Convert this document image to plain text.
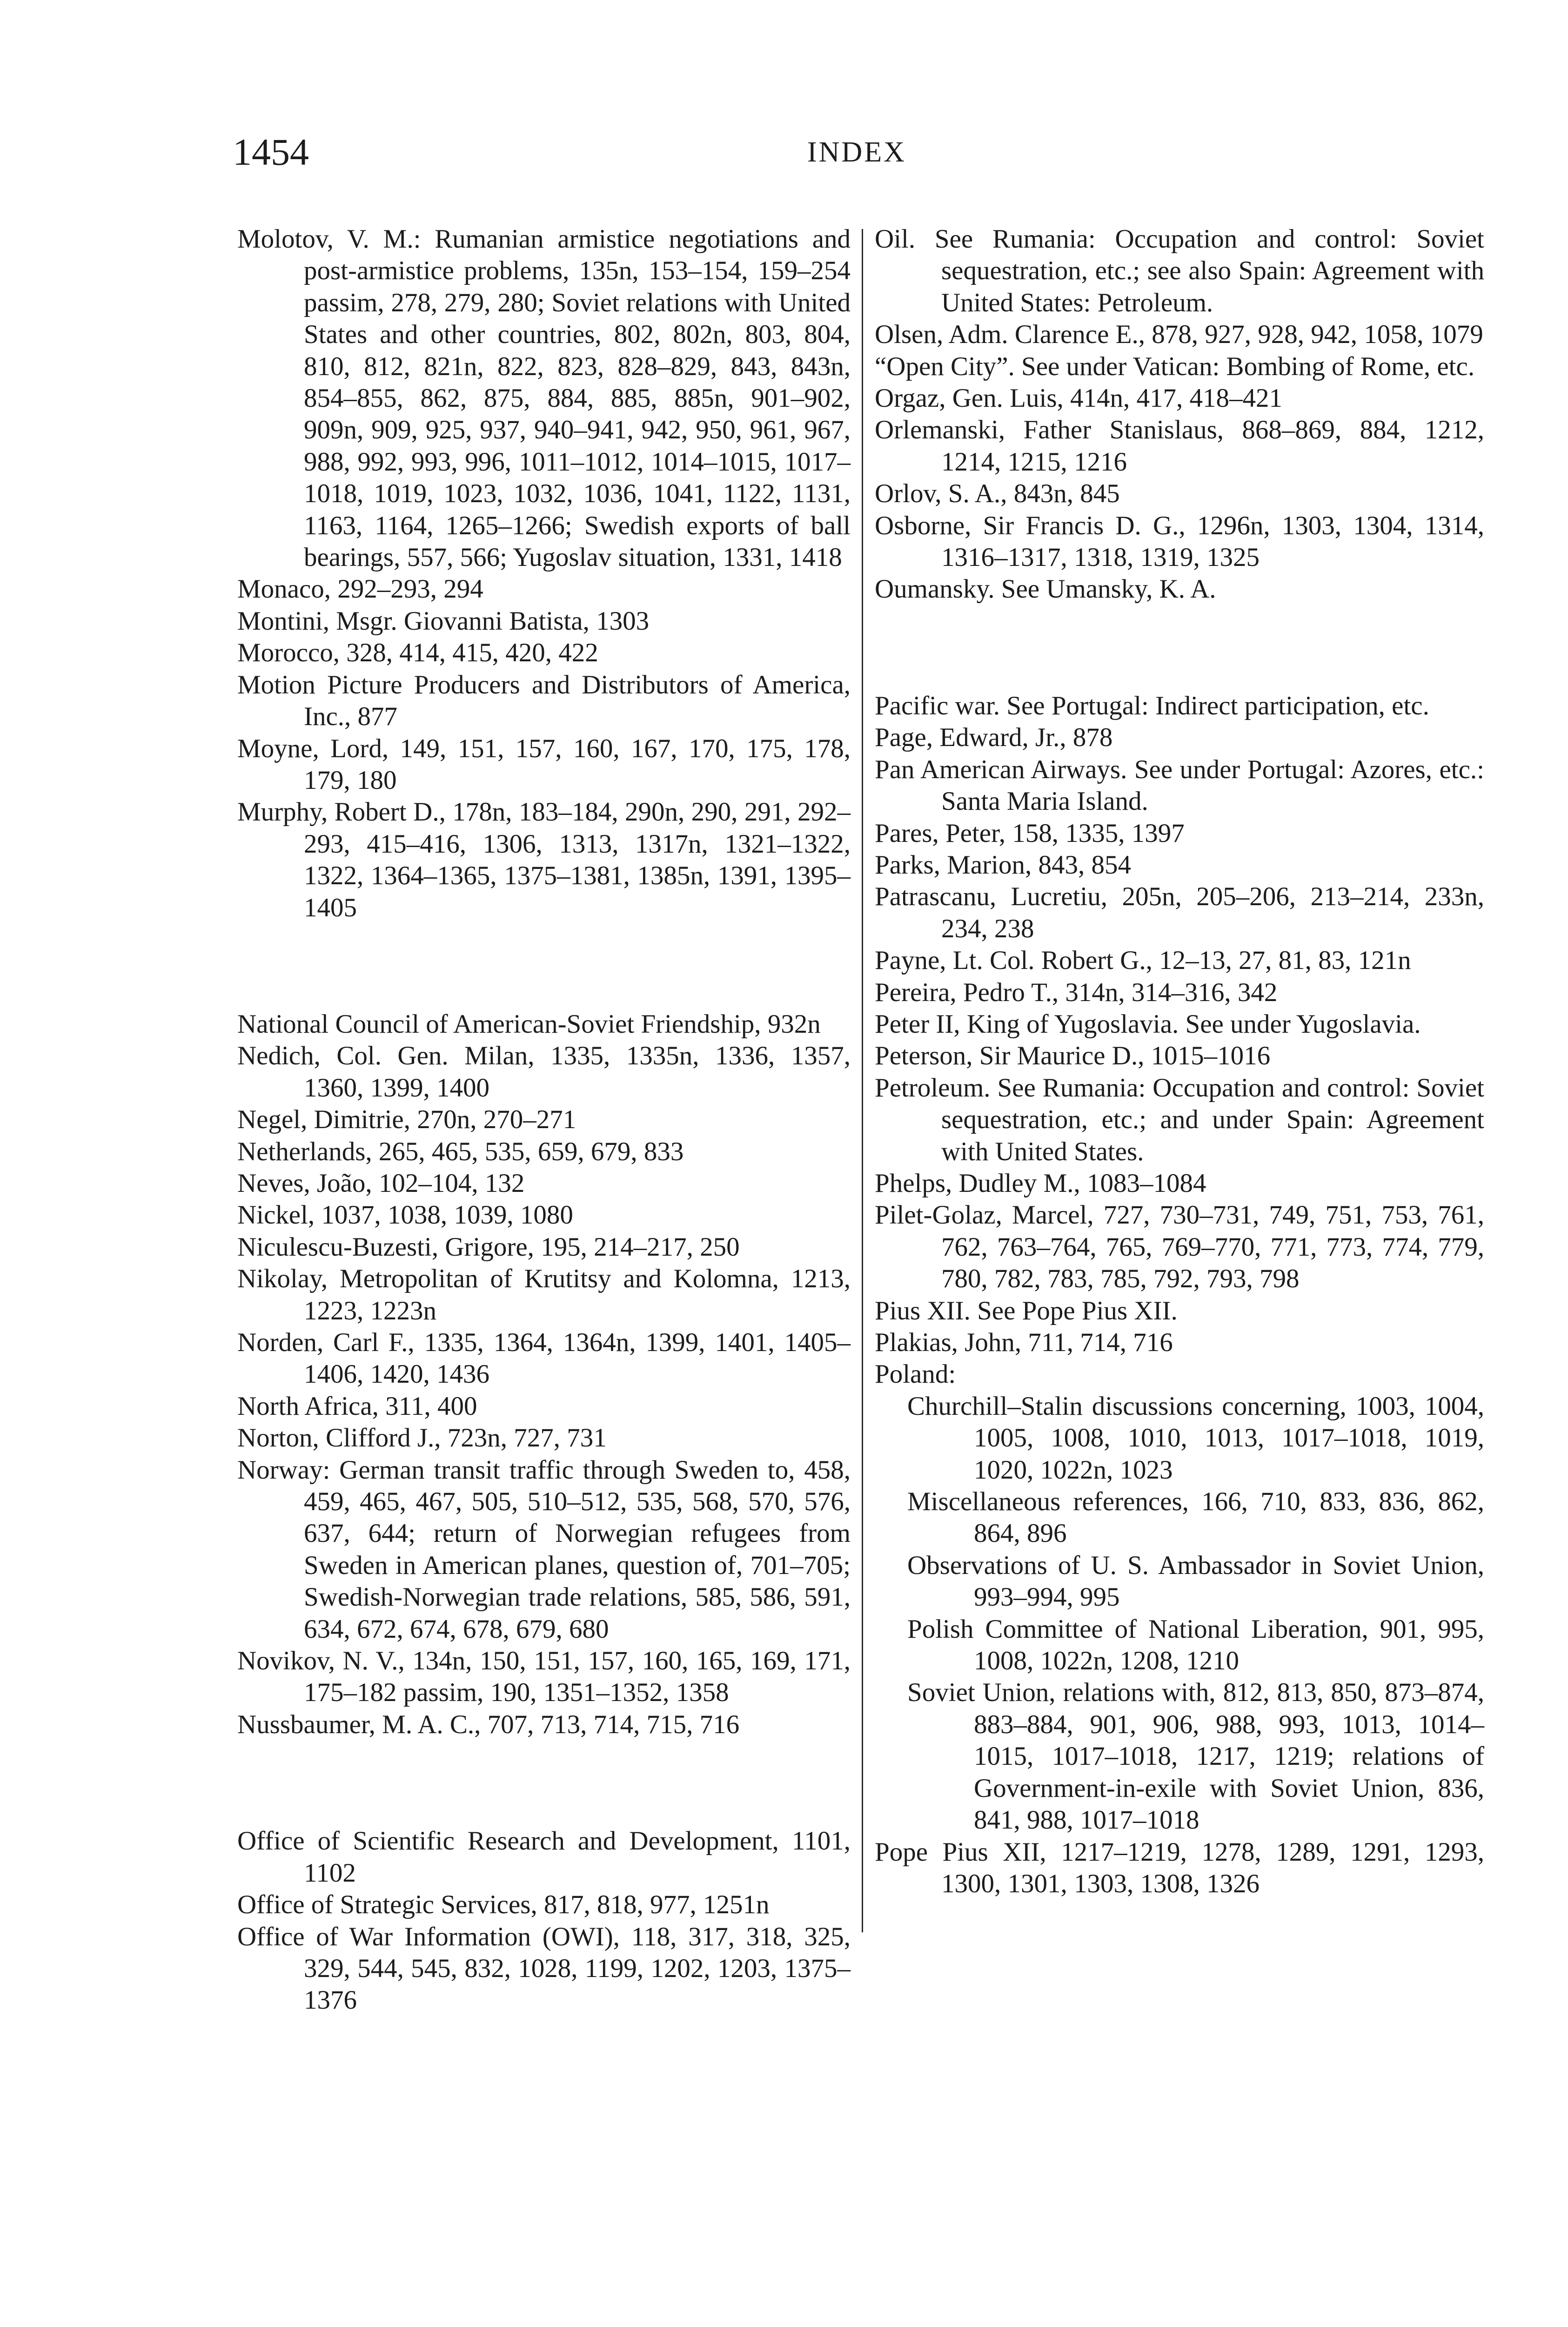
1454	INDEX

Molotov, V. M.: Rumanian armistice negotiations and post-armistice problems, 135n, 153–154, 159–254 passim, 278, 279, 280; Soviet relations with United States and other countries, 802, 802n, 803, 804, 810, 812, 821n, 822, 823, 828–829, 843, 843n, 854–855, 862, 875, 884, 885, 885n, 901–902, 909n, 909, 925, 937, 940–941, 942, 950, 961, 967, 988, 992, 993, 996, 1011–1012, 1014–1015, 1017–1018, 1019, 1023, 1032, 1036, 1041, 1122, 1131, 1163, 1164, 1265–1266; Swedish exports of ball bearings, 557, 566; Yugoslav situation, 1331, 1418

Monaco, 292–293, 294

Montini, Msgr. Giovanni Batista, 1303

Morocco, 328, 414, 415, 420, 422

Motion Picture Producers and Distributors of America, Inc., 877

Moyne, Lord, 149, 151, 157, 160, 167, 170, 175, 178, 179, 180

Murphy, Robert D., 178n, 183–184, 290n, 290, 291, 292–293, 415–416, 1306, 1313, 1317n, 1321–1322, 1322, 1364–1365, 1375–1381, 1385n, 1391, 1395–1405

National Council of American-Soviet Friendship, 932n

Nedich, Col. Gen. Milan, 1335, 1335n, 1336, 1357, 1360, 1399, 1400

Negel, Dimitrie, 270n, 270–271

Netherlands, 265, 465, 535, 659, 679, 833

Neves, João, 102–104, 132

Nickel, 1037, 1038, 1039, 1080

Niculescu-Buzesti, Grigore, 195, 214–217, 250

Nikolay, Metropolitan of Krutitsy and Kolomna, 1213, 1223, 1223n

Norden, Carl F., 1335, 1364, 1364n, 1399, 1401, 1405–1406, 1420, 1436

North Africa, 311, 400

Norton, Clifford J., 723n, 727, 731

Norway: German transit traffic through Sweden to, 458, 459, 465, 467, 505, 510–512, 535, 568, 570, 576, 637, 644; return of Norwegian refugees from Sweden in American planes, question of, 701–705; Swedish-Norwegian trade relations, 585, 586, 591, 634, 672, 674, 678, 679, 680

Novikov, N. V., 134n, 150, 151, 157, 160, 165, 169, 171, 175–182 passim, 190, 1351–1352, 1358

Nussbaumer, M. A. C., 707, 713, 714, 715, 716

Office of Scientific Research and Development, 1101, 1102

Office of Strategic Services, 817, 818, 977, 1251n

Office of War Information (OWI), 118, 317, 318, 325, 329, 544, 545, 832, 1028, 1199, 1202, 1203, 1375–1376

Oil. See Rumania: Occupation and control: Soviet sequestration, etc.; see also Spain: Agreement with United States: Petroleum.

Olsen, Adm. Clarence E., 878, 927, 928, 942, 1058, 1079

“Open City”. See under Vatican: Bombing of Rome, etc.

Orgaz, Gen. Luis, 414n, 417, 418–421

Orlemanski, Father Stanislaus, 868–869, 884, 1212, 1214, 1215, 1216

Orlov, S. A., 843n, 845

Osborne, Sir Francis D. G., 1296n, 1303, 1304, 1314, 1316–1317, 1318, 1319, 1325

Oumansky. See Umansky, K. A.

Pacific war. See Portugal: Indirect participation, etc.

Page, Edward, Jr., 878

Pan American Airways. See under Portugal: Azores, etc.: Santa Maria Island.

Pares, Peter, 158, 1335, 1397

Parks, Marion, 843, 854

Patrascanu, Lucretiu, 205n, 205–206, 213–214, 233n, 234, 238

Payne, Lt. Col. Robert G., 12–13, 27, 81, 83, 121n

Pereira, Pedro T., 314n, 314–316, 342

Peter II, King of Yugoslavia. See under Yugoslavia.

Peterson, Sir Maurice D., 1015–1016

Petroleum. See Rumania: Occupation and control: Soviet sequestration, etc.; and under Spain: Agreement with United States.

Phelps, Dudley M., 1083–1084

Pilet-Golaz, Marcel, 727, 730–731, 749, 751, 753, 761, 762, 763–764, 765, 769–770, 771, 773, 774, 779, 780, 782, 783, 785, 792, 793, 798

Pius XII. See Pope Pius XII.

Plakias, John, 711, 714, 716

Poland:

Churchill–Stalin discussions concerning, 1003, 1004, 1005, 1008, 1010, 1013, 1017–1018, 1019, 1020, 1022n, 1023

Miscellaneous references, 166, 710, 833, 836, 862, 864, 896

Observations of U. S. Ambassador in Soviet Union, 993–994, 995

Polish Committee of National Liberation, 901, 995, 1008, 1022n, 1208, 1210

Soviet Union, relations with, 812, 813, 850, 873–874, 883–884, 901, 906, 988, 993, 1013, 1014–1015, 1017–1018, 1217, 1219; relations of Government-in-exile with Soviet Union, 836, 841, 988, 1017–1018

Pope Pius XII, 1217–1219, 1278, 1289, 1291, 1293, 1300, 1301, 1303, 1308, 1326
